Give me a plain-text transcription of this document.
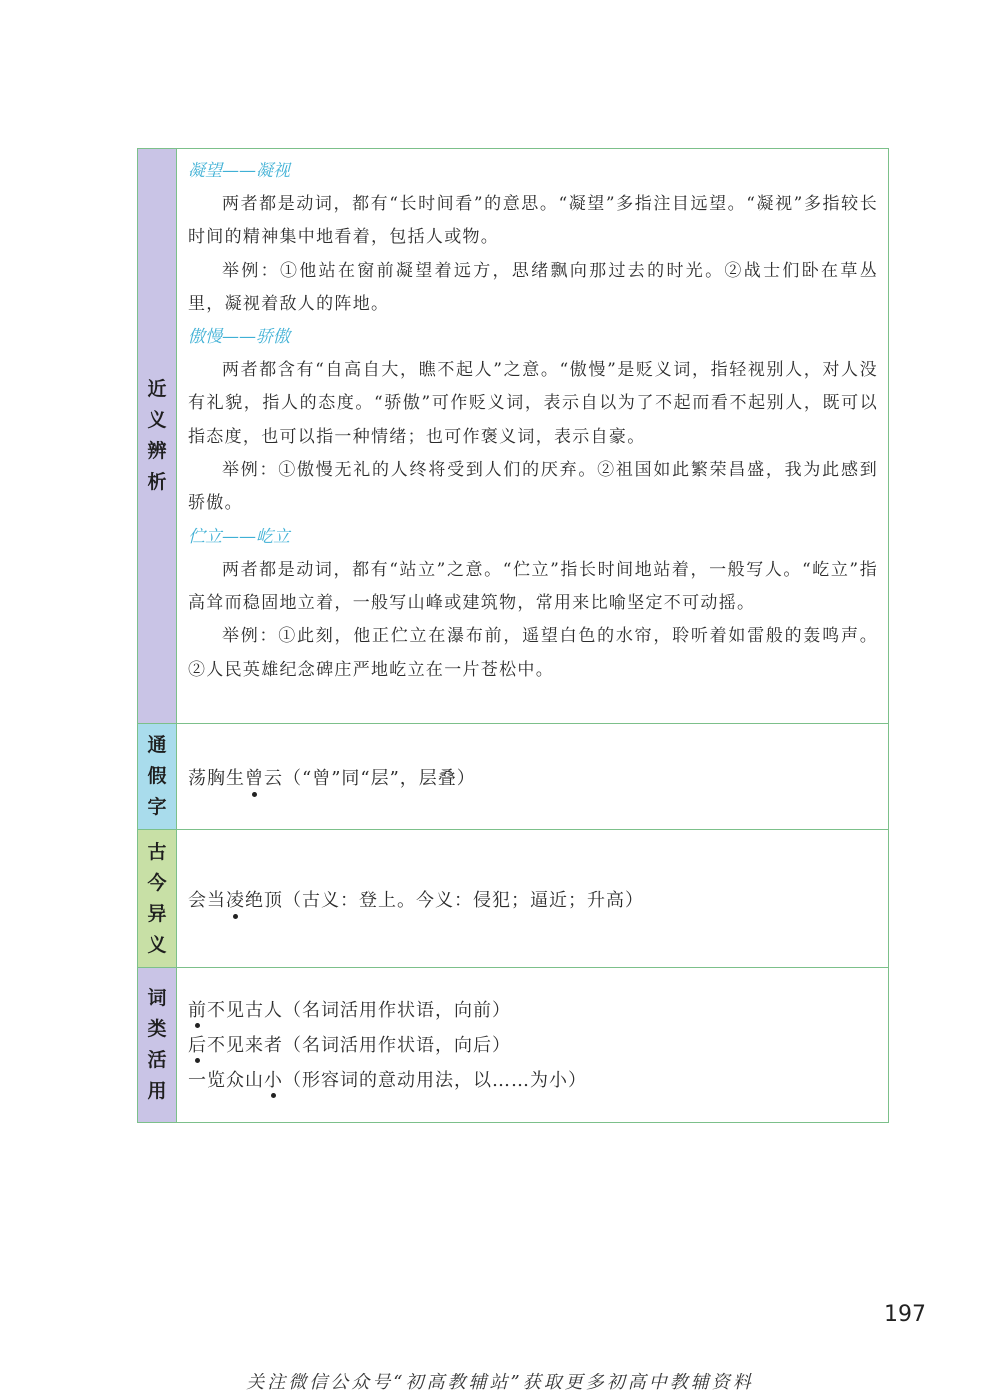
近
义
辨
析
凝望——凝视

两者都是动词，都有“长时间看”的意思。“凝望”多指注目远望。“凝视”多指较长时间的精神集中地看着，包括人或物。

举例：①他站在窗前凝望着远方，思绪飘向那过去的时光。②战士们卧在草丛里，凝视着敌人的阵地。

傲慢——骄傲

两者都含有“自高自大，瞧不起人”之意。“傲慢”是贬义词，指轻视别人，对人没有礼貌，指人的态度。“骄傲”可作贬义词，表示自以为了不起而看不起别人，既可以指态度，也可以指一种情绪；也可作褒义词，表示自豪。

举例：①傲慢无礼的人终将受到人们的厌弃。②祖国如此繁荣昌盛，我为此感到骄傲。

伫立——屹立

两者都是动词，都有“站立”之意。“伫立”指长时间地站着，一般写人。“屹立”指高耸而稳固地立着，一般写山峰或建筑物，常用来比喻坚定不可动摇。

举例：①此刻，他正伫立在瀑布前，遥望白色的水帘，聆听着如雷般的轰鸣声。②人民英雄纪念碑庄严地屹立在一片苍松中。

通
假
字
荡胸生 曾 云（“曾”同“层”，层叠）
古
今
异
义
会当 凌 绝顶（古义：登上。今义：侵犯；逼近；升高）
词
类
活
用
前不见古人（名词活用作状语，向前）
后不见来者（名词活用作状语，向后）
一览众山小（形容词的意动用法，以……为小）
197
关注微信公众号“初高教辅站”获取更多初高中教辅资料
